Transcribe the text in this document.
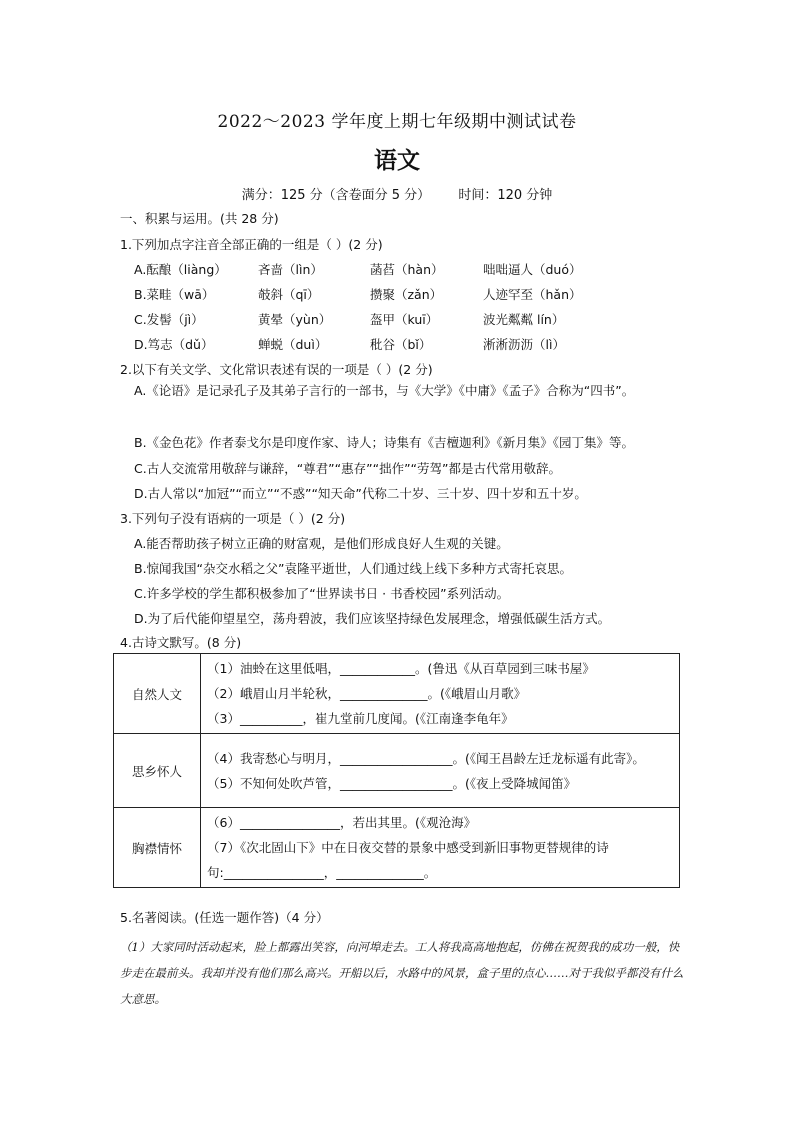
2022～2023 学年度上期七年级期中测试试卷
语文
满分：125 分（含卷面分 5 分） 时间：120 分钟
一、积累与运用。(共 28 分)
1.下列加点字注音全部正确的一组是（ ）(2 分)
A.酝酿（liàng） 吝啬（lìn）	菡萏（hàn）	咄咄逼人（duó）
B.菜畦（wā）	攲斜（qī）	攒聚（zǎn）	人迹罕至（hǎn）
C.发髻（jì）	黄晕（yùn）	盔甲（kuī）	波光粼粼 lín）
D.笃志（dǔ）	蝉蜕（duì）	秕谷（bǐ）	淅淅沥沥（lì）
2.以下有关文学、文化常识表述有误的一项是（ ）(2 分)
A.《论语》是记录孔子及其弟子言行的一部书，与《大学》《中庸》《孟子》合称为“四书”。
B.《金色花》作者泰戈尔是印度作家、诗人；诗集有《吉檀迦利》《新月集》《园丁集》等。
C.古人交流常用敬辞与谦辞，“尊君”“惠存”“拙作”“劳驾”都是古代常用敬辞。
D.古人常以“加冠”“而立”“不惑”“知天命”代称二十岁、三十岁、四十岁和五十岁。
3.下列句子没有语病的一项是（ ）(2 分)
A.能否帮助孩子树立正确的财富观，是他们形成良好人生观的关键。
B.惊闻我国“杂交水稻之父”袁隆平逝世，人们通过线上线下多种方式寄托哀思。
C.许多学校的学生都积极参加了“世界读书日 · 书香校园”系列活动。
D.为了后代能仰望星空，荡舟碧波，我们应该坚持绿色发展理念，增强低碳生活方式。
4.古诗文默写。(8 分)
自然人文	（1）油蛉在这里低唱，____________。(鲁迅《从百草园到三味书屋》
（2）峨眉山月半轮秋，______________。(《峨眉山月歌》
（3）__________，崔九堂前几度闻。(《江南逢李龟年》

思乡怀人	（4）我寄愁心与明月，__________________。(《闻王昌龄左迁龙标遥有此寄》。
（5）不知何处吹芦管，__________________。(《夜上受降城闻笛》

胸襟情怀	（6）________________，若出其里。(《观沧海》
（7）《次北固山下》中在日夜交替的景象中感受到新旧事物更替规律的诗句:________________，______________。
5.名著阅读。(任选一题作答)（4 分）
（1）大家同时活动起来，脸上都露出笑容，向河埠走去。工人将我高高地抱起，仿佛在祝贺我的成功一般，快步走在最前头。我却并没有他们那么高兴。开船以后，水路中的风景，盒子里的点心……对于我似乎都没有什么大意思。
